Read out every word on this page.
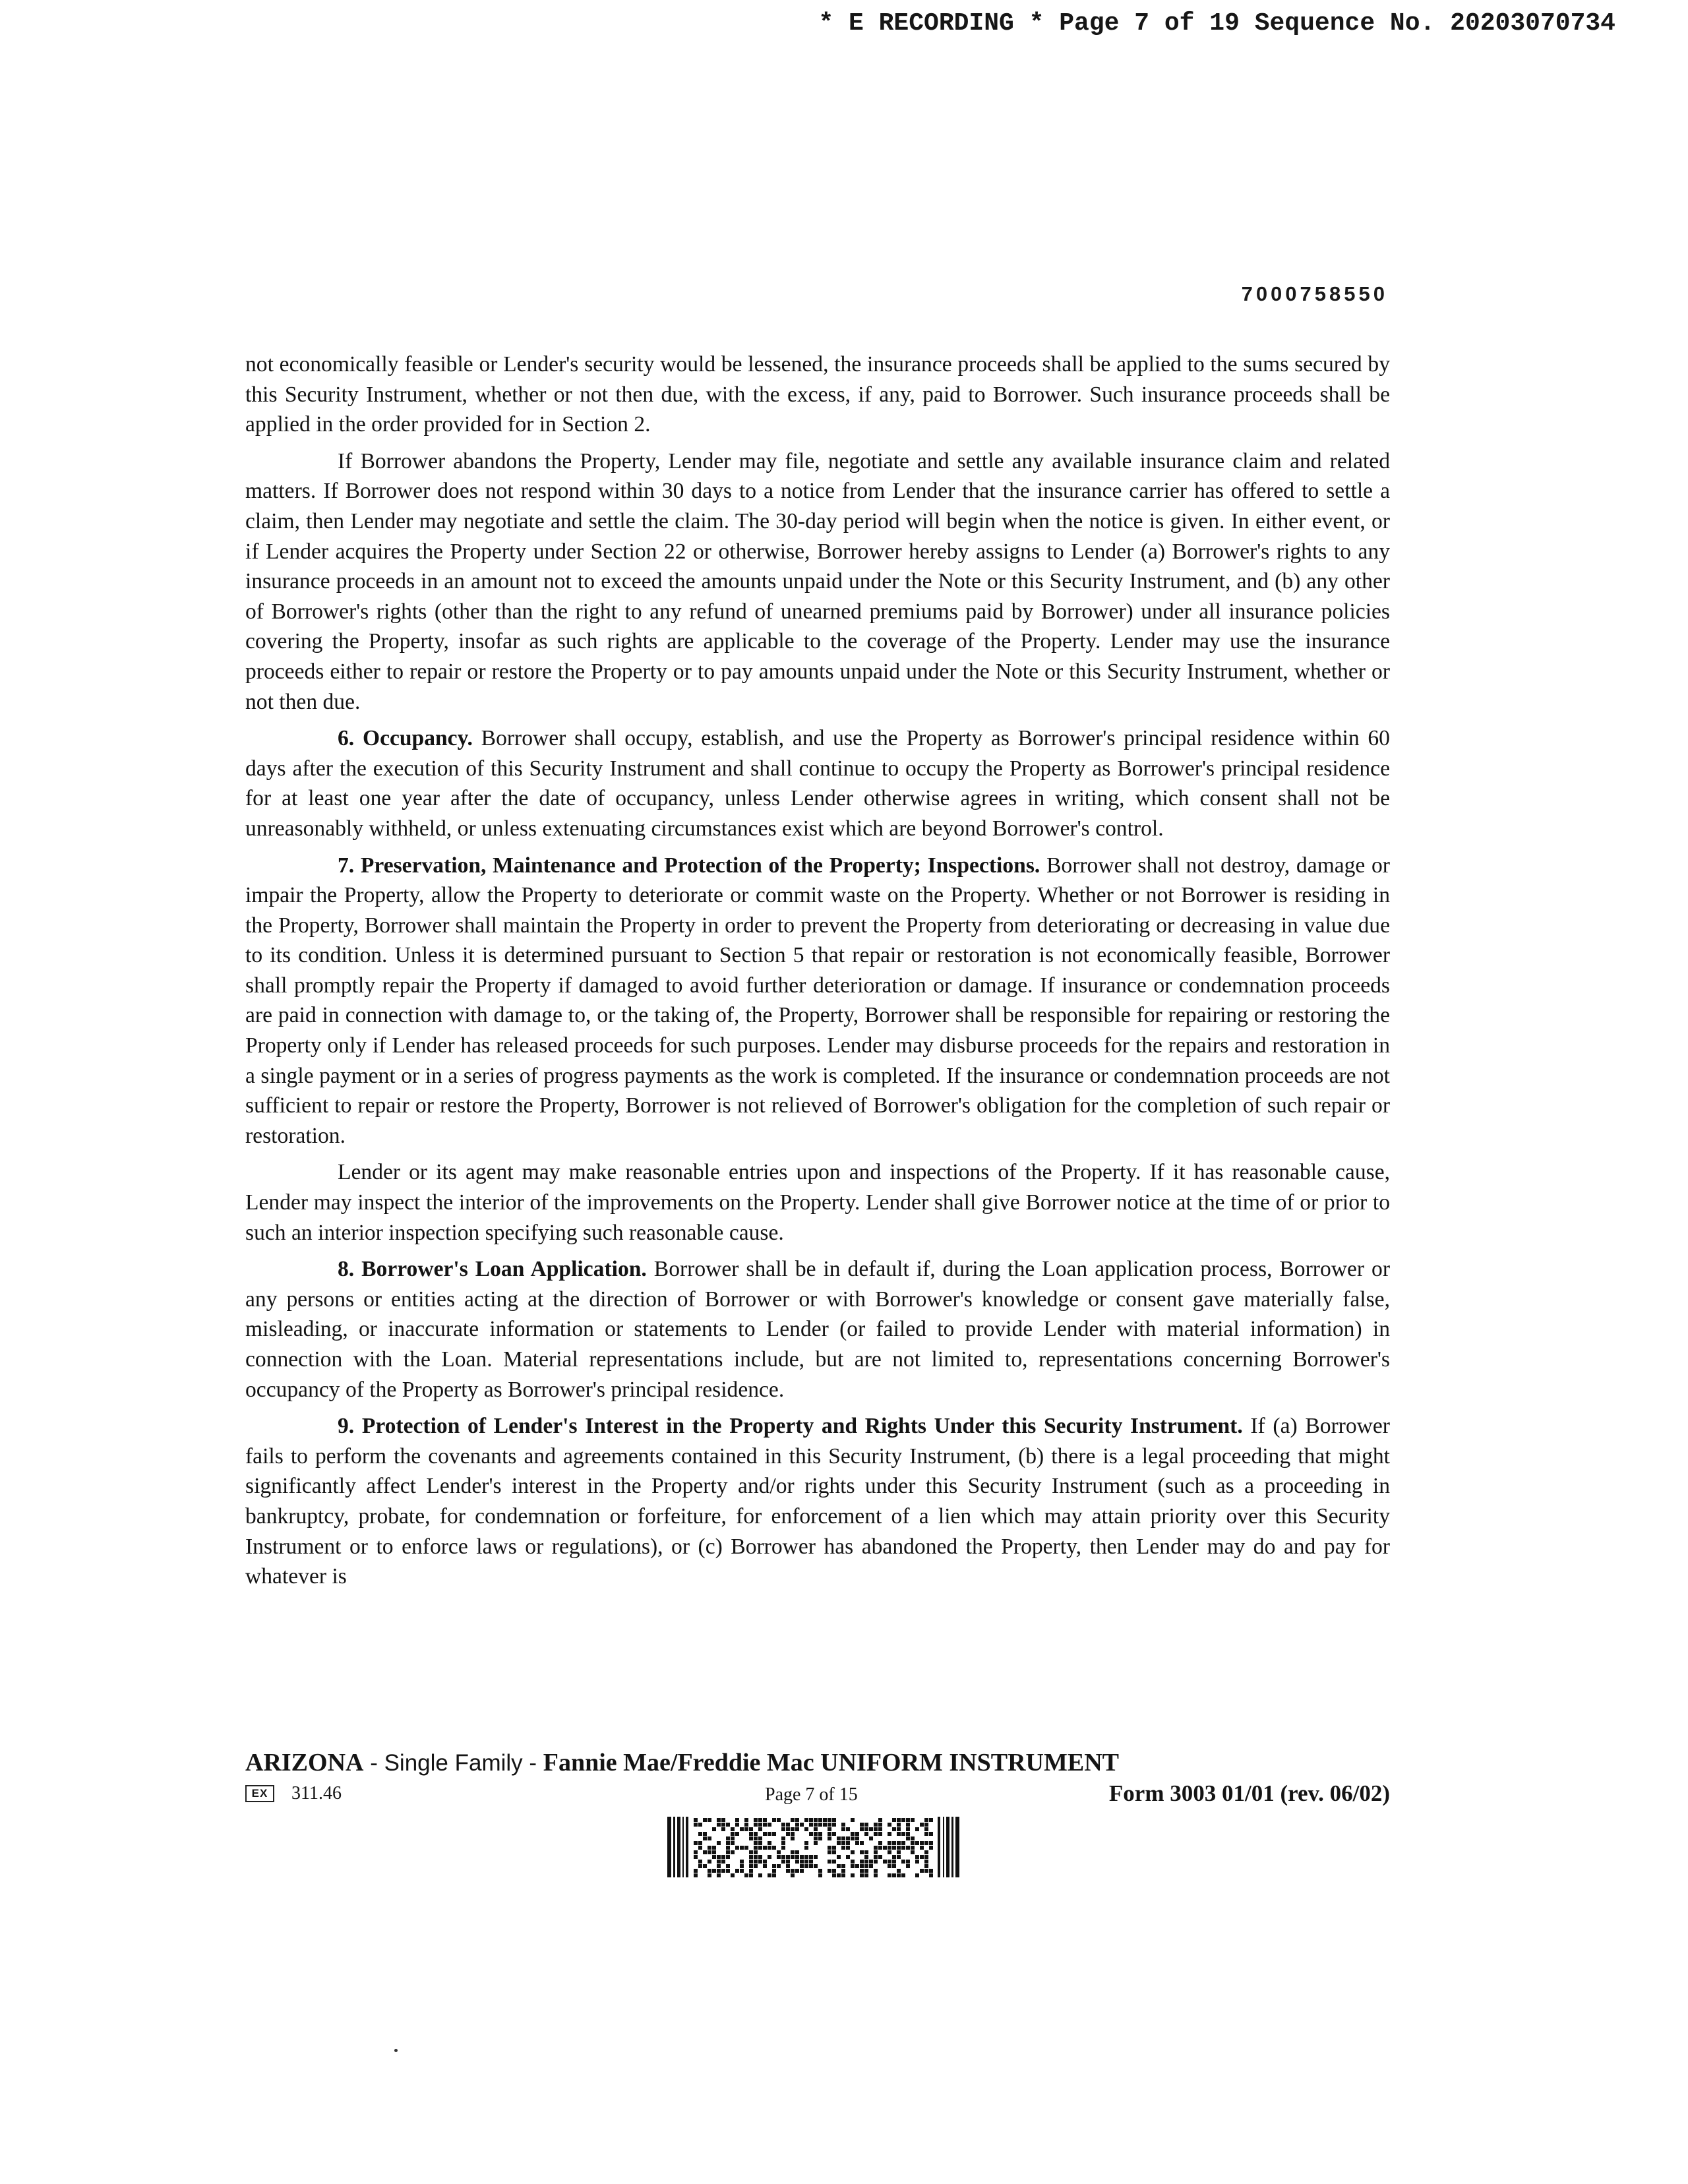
* E RECORDING * Page 7 of 19 Sequence No. 20203070734
7000758550

not economically feasible or Lender's security would be lessened, the insurance proceeds shall be applied to the sums secured by this Security Instrument, whether or not then due, with the excess, if any, paid to Borrower. Such insurance proceeds shall be applied in the order provided for in Section 2.

If Borrower abandons the Property, Lender may file, negotiate and settle any available insurance claim and related matters. If Borrower does not respond within 30 days to a notice from Lender that the insurance carrier has offered to settle a claim, then Lender may negotiate and settle the claim. The 30-day period will begin when the notice is given. In either event, or if Lender acquires the Property under Section 22 or otherwise, Borrower hereby assigns to Lender (a) Borrower's rights to any insurance proceeds in an amount not to exceed the amounts unpaid under the Note or this Security Instrument, and (b) any other of Borrower's rights (other than the right to any refund of unearned premiums paid by Borrower) under all insurance policies covering the Property, insofar as such rights are applicable to the coverage of the Property. Lender may use the insurance proceeds either to repair or restore the Property or to pay amounts unpaid under the Note or this Security Instrument, whether or not then due.

6. Occupancy. Borrower shall occupy, establish, and use the Property as Borrower's principal residence within 60 days after the execution of this Security Instrument and shall continue to occupy the Property as Borrower's principal residence for at least one year after the date of occupancy, unless Lender otherwise agrees in writing, which consent shall not be unreasonably withheld, or unless extenuating circumstances exist which are beyond Borrower's control.

7. Preservation, Maintenance and Protection of the Property; Inspections. Borrower shall not destroy, damage or impair the Property, allow the Property to deteriorate or commit waste on the Property. Whether or not Borrower is residing in the Property, Borrower shall maintain the Property in order to prevent the Property from deteriorating or decreasing in value due to its condition. Unless it is determined pursuant to Section 5 that repair or restoration is not economically feasible, Borrower shall promptly repair the Property if damaged to avoid further deterioration or damage. If insurance or condemnation proceeds are paid in connection with damage to, or the taking of, the Property, Borrower shall be responsible for repairing or restoring the Property only if Lender has released proceeds for such purposes. Lender may disburse proceeds for the repairs and restoration in a single payment or in a series of progress payments as the work is completed. If the insurance or condemnation proceeds are not sufficient to repair or restore the Property, Borrower is not relieved of Borrower's obligation for the completion of such repair or restoration.

Lender or its agent may make reasonable entries upon and inspections of the Property. If it has reasonable cause, Lender may inspect the interior of the improvements on the Property. Lender shall give Borrower notice at the time of or prior to such an interior inspection specifying such reasonable cause.

8. Borrower's Loan Application. Borrower shall be in default if, during the Loan application process, Borrower or any persons or entities acting at the direction of Borrower or with Borrower's knowledge or consent gave materially false, misleading, or inaccurate information or statements to Lender (or failed to provide Lender with material information) in connection with the Loan. Material representations include, but are not limited to, representations concerning Borrower's occupancy of the Property as Borrower's principal residence.

9. Protection of Lender's Interest in the Property and Rights Under this Security Instrument. If (a) Borrower fails to perform the covenants and agreements contained in this Security Instrument, (b) there is a legal proceeding that might significantly affect Lender's interest in the Property and/or rights under this Security Instrument (such as a proceeding in bankruptcy, probate, for condemnation or forfeiture, for enforcement of a lien which may attain priority over this Security Instrument or to enforce laws or regulations), or (c) Borrower has abandoned the Property, then Lender may do and pay for whatever is

ARIZONA - Single Family - Fannie Mae/Freddie Mac UNIFORM INSTRUMENT
EX	311.46	Page 7 of 15	Form 3003 01/01 (rev. 06/02)
